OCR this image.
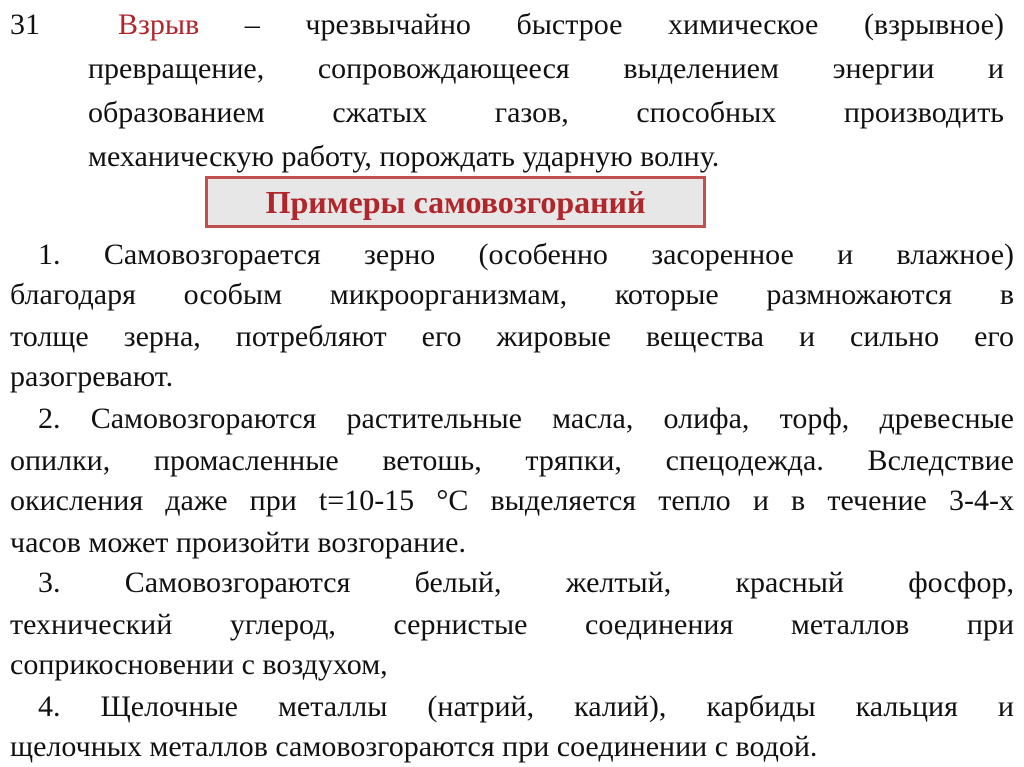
31	Взрыв – чрезвычайно быстрое химическое (взрывное)
превращение, сопровождающееся выделением энергии и
образованием сжатых газов, способных производить
механическую работу, порождать ударную волну.
Примеры самовозгораний
1. Самовозгорается зерно (особенно засоренное и влажное)
благодаря особым микроорганизмам, которые размножаются в
толще зерна, потребляют его жировые вещества и сильно его
разогревают.
2. Самовозгораются растительные масла, олифа, торф, древесные
опилки, промасленные ветошь, тряпки, спецодежда. Вследствие
окисления даже при t=10-15 °C выделяется тепло и в течение 3-4-х
часов может произойти возгорание.
3. Самовозгораются белый, желтый, красный фосфор,
технический углерод, сернистые соединения металлов при
соприкосновении с воздухом,
4. Щелочные металлы (натрий, калий), карбиды кальция и
щелочных металлов самовозгораются при соединении с водой.
